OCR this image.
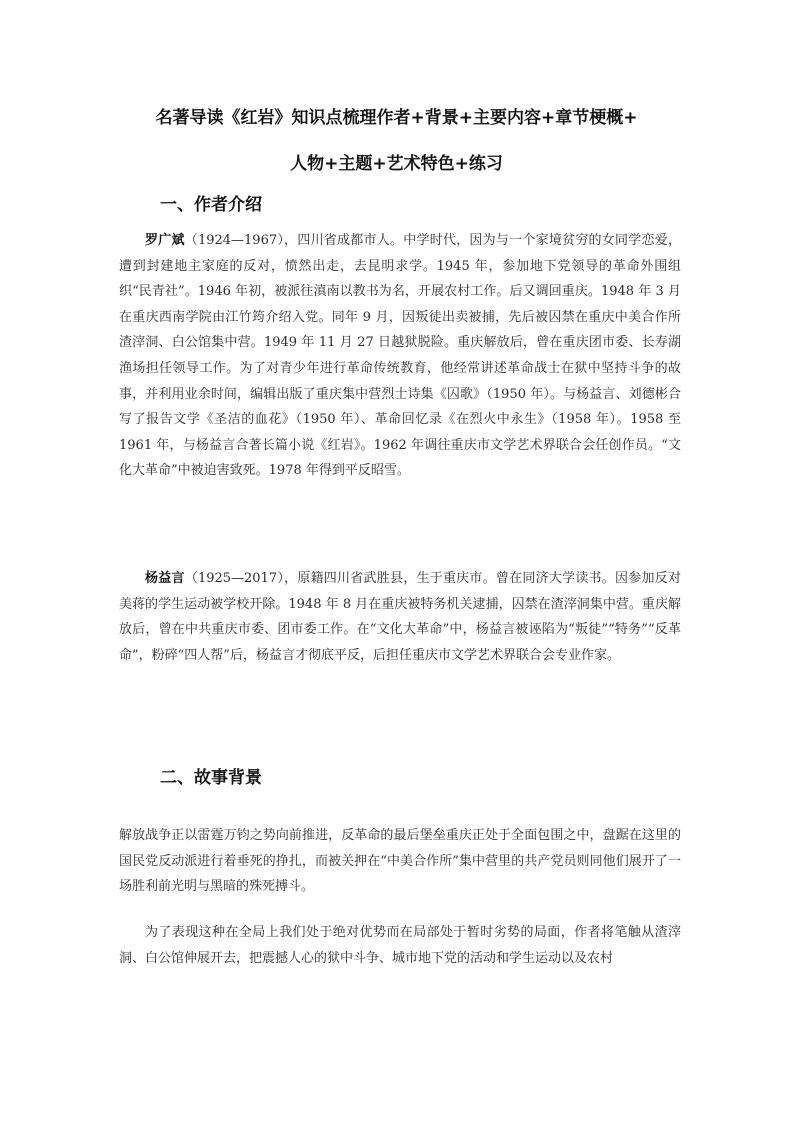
名著导读《红岩》知识点梳理作者+背景+主要内容+章节梗概+
人物+主题+艺术特色+练习
一、作者介绍

罗广斌（1924—1967），四川省成都市人。中学时代，因为与一个家境贫穷的女同学恋爱，遭到封建地主家庭的反对，愤然出走，去昆明求学。1945 年，参加地下党领导的革命外围组织“民青社”。1946 年初，被派往滇南以教书为名，开展农村工作。后又调回重庆。1948 年 3 月在重庆西南学院由江竹筠介绍入党。同年 9 月，因叛徒出卖被捕，先后被囚禁在重庆中美合作所渣滓洞、白公馆集中营。1949 年 11 月 27 日越狱脱险。重庆解放后，曾在重庆团市委、长寿湖渔场担任领导工作。为了对青少年进行革命传统教育，他经常讲述革命战士在狱中坚持斗争的故事，并利用业余时间，编辑出版了重庆集中营烈士诗集《囚歌》（1950 年）。与杨益言、刘德彬合写了报告文学《圣洁的血花》（1950 年）、革命回忆录《在烈火中永生》（1958 年）。1958 至 1961 年，与杨益言合著长篇小说《红岩》。1962 年调往重庆市文学艺术界联合会任创作员。“文化大革命”中被迫害致死。1978 年得到平反昭雪。

杨益言（1925—2017），原籍四川省武胜县，生于重庆市。曾在同济大学读书。因参加反对美蒋的学生运动被学校开除。1948 年 8 月在重庆被特务机关逮捕，囚禁在渣滓洞集中营。重庆解放后，曾在中共重庆市委、团市委工作。在“文化大革命”中，杨益言被诬陷为“叛徒”“特务”“反革命”，粉碎“四人帮”后，杨益言才彻底平反，后担任重庆市文学艺术界联合会专业作家。

二、故事背景

解放战争正以雷霆万钧之势向前推进，反革命的最后堡垒重庆正处于全面包围之中，盘踞在这里的国民党反动派进行着垂死的挣扎，而被关押在“中美合作所”集中营里的共产党员则同他们展开了一场胜利前光明与黑暗的殊死搏斗。

为了表现这种在全局上我们处于绝对优势而在局部处于暂时劣势的局面，作者将笔触从渣滓洞、白公馆伸展开去，把震撼人心的狱中斗争、城市地下党的活动和学生运动以及农村
